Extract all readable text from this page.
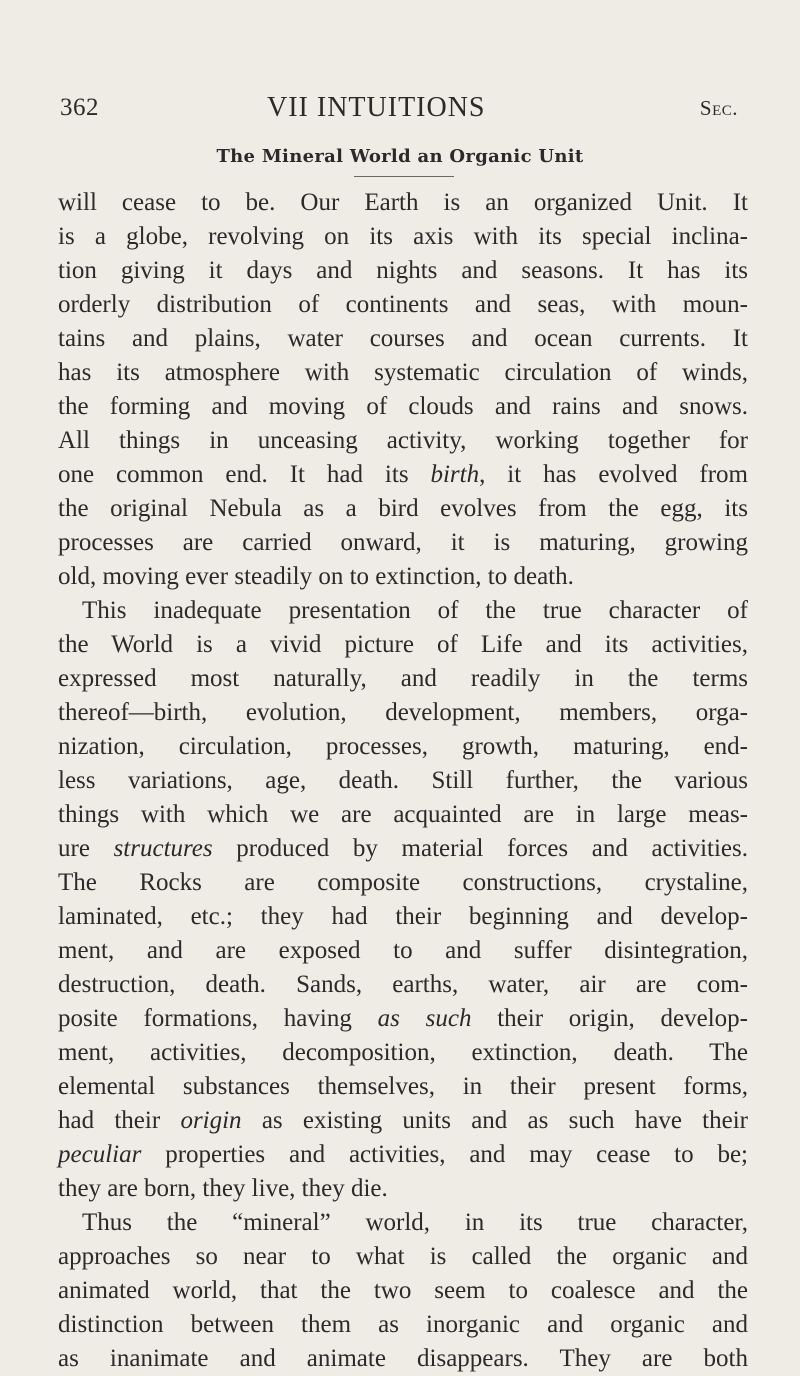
362	VII INTUITIONS	Sec.
The Mineral World an Organic Unit
will cease to be. Our Earth is an organized Unit. It
is a globe, revolving on its axis with its special inclina-
tion giving it days and nights and seasons. It has its
orderly distribution of continents and seas, with moun-
tains and plains, water courses and ocean currents. It
has its atmosphere with systematic circulation of winds,
the forming and moving of clouds and rains and snows.
All things in unceasing activity, working together for
one common end. It had its birth, it has evolved from
the original Nebula as a bird evolves from the egg, its
processes are carried onward, it is maturing, growing
old, moving ever steadily on to extinction, to death.
This inadequate presentation of the true character of
the World is a vivid picture of Life and its activities,
expressed most naturally, and readily in the terms
thereof—birth, evolution, development, members, orga-
nization, circulation, processes, growth, maturing, end-
less variations, age, death. Still further, the various
things with which we are acquainted are in large meas-
ure structures produced by material forces and activities.
The Rocks are composite constructions, crystaline,
laminated, etc.; they had their beginning and develop-
ment, and are exposed to and suffer disintegration,
destruction, death. Sands, earths, water, air are com-
posite formations, having as such their origin, develop-
ment, activities, decomposition, extinction, death. The
elemental substances themselves, in their present forms,
had their origin as existing units and as such have their
peculiar properties and activities, and may cease to be;
they are born, they live, they die.
Thus the “mineral” world, in its true character,
approaches so near to what is called the organic and
animated world, that the two seem to coalesce and the
distinction between them as inorganic and organic and
as inanimate and animate disappears. They are both
